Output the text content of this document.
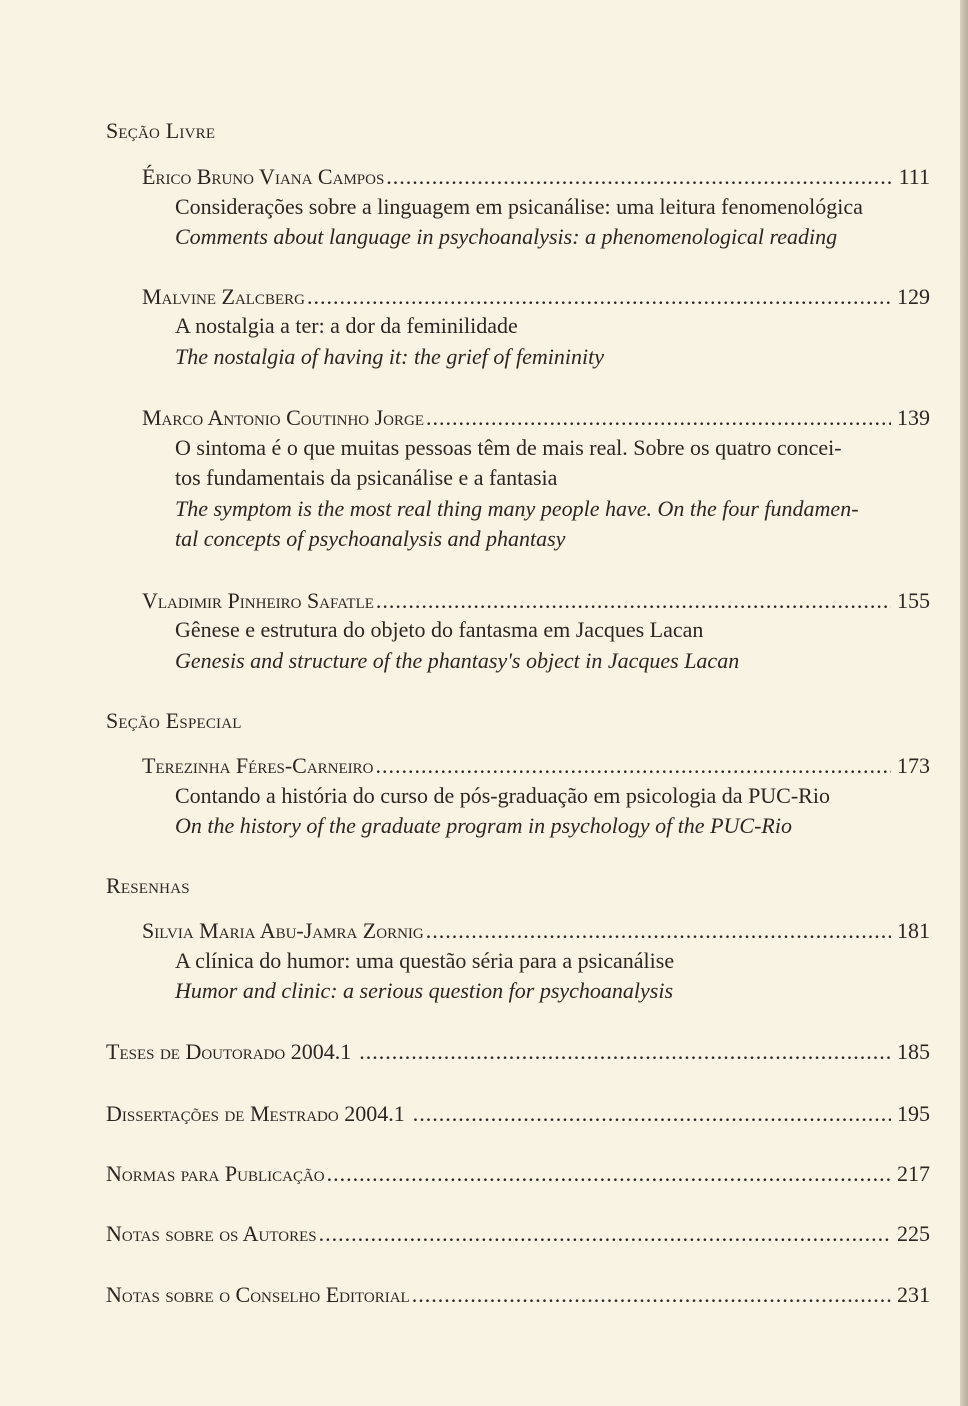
Seção Livre
Érico Bruno Viana Campos .....	111
Considerações sobre a linguagem em psicanálise: uma leitura fenomenológica
Comments about language in psychoanalysis: a phenomenological reading
Malvine Zalcberg .....	129
A nostalgia a ter: a dor da feminilidade
The nostalgia of having it: the grief of femininity
Marco Antonio Coutinho Jorge .....	139
O sintoma é o que muitas pessoas têm de mais real. Sobre os quatro concei-
tos fundamentais da psicanálise e a fantasia
The symptom is the most real thing many people have. On the four fundamen-
tal concepts of psychoanalysis and phantasy
Vladimir Pinheiro Safatle .....	155
Gênese e estrutura do objeto do fantasma em Jacques Lacan
Genesis and structure of the phantasy's object in Jacques Lacan
Seção Especial
Terezinha Féres-Carneiro .....	173
Contando a história do curso de pós-graduação em psicologia da PUC-Rio
On the history of the graduate program in psychology of the PUC-Rio
Resenhas
Silvia Maria Abu-Jamra Zornig .....	181
A clínica do humor: uma questão séria para a psicanálise
Humor and clinic: a serious question for psychoanalysis
Teses de Doutorado 2004.1 .....	185
Dissertações de Mestrado 2004.1 .....	195
Normas para Publicação .....	217
Notas sobre os Autores .....	225
Notas sobre o Conselho Editorial .....	231
